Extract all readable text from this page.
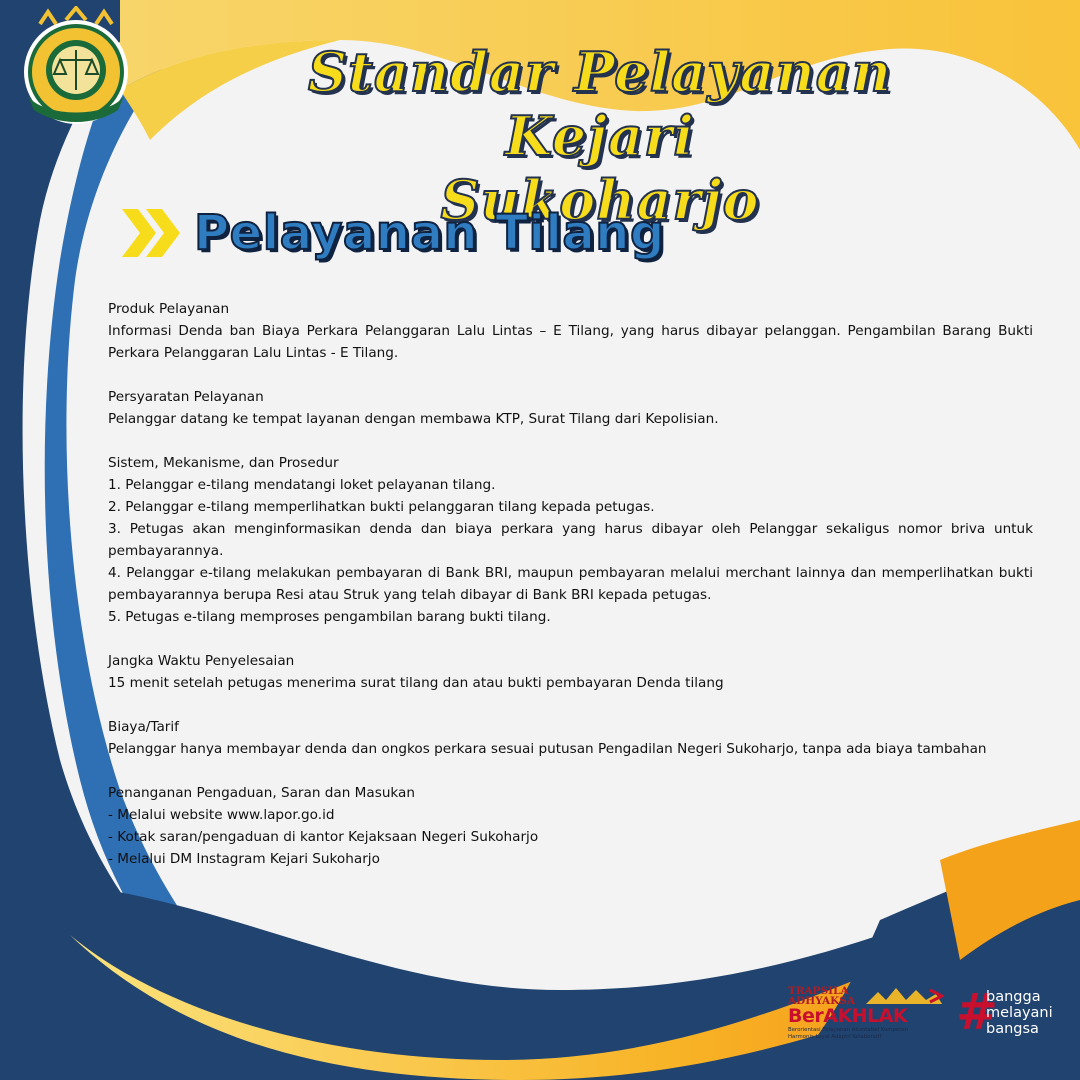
Standar Pelayanan Kejari
Sukoharjo
Pelayanan Tilang

Produk Pelayanan

Informasi Denda ban Biaya Perkara Pelanggaran Lalu Lintas – E Tilang, yang harus dibayar pelanggan. Pengambilan Barang Bukti Perkara Pelanggaran Lalu Lintas - E Tilang.

Persyaratan Pelayanan

Pelanggar datang ke tempat layanan dengan membawa KTP, Surat Tilang dari Kepolisian.

Sistem, Mekanisme, dan Prosedur

1. Pelanggar e-tilang mendatangi loket pelayanan tilang.

2. Pelanggar e-tilang memperlihatkan bukti pelanggaran tilang kepada petugas.

3. Petugas akan menginformasikan denda dan biaya perkara yang harus dibayar oleh Pelanggar sekaligus nomor briva untuk pembayarannya.

4. Pelanggar e-tilang melakukan pembayaran di Bank BRI, maupun pembayaran melalui merchant lainnya dan memperlihatkan bukti pembayarannya berupa Resi atau Struk yang telah dibayar di Bank BRI kepada petugas.

5. Petugas e-tilang memproses pengambilan barang bukti tilang.

Jangka Waktu Penyelesaian

15 menit setelah petugas menerima surat tilang dan atau bukti pembayaran Denda tilang

Biaya/Tarif

Pelanggar hanya membayar denda dan ongkos perkara sesuai putusan Pengadilan Negeri Sukoharjo, tanpa ada biaya tambahan

Penanganan Pengaduan, Saran dan Masukan

- Melalui website www.lapor.go.id

- Kotak saran/pengaduan di kantor Kejaksaan Negeri Sukoharjo

- Melalui DM Instagram Kejari Sukoharjo

TRAPSILA
ADHYAKSA
BerAKHLAK
Berorientasi Pelayanan Akuntabel Kompeten
Harmonis Loyal Adaptif Kolaboratif	#
bangga
melayani
bangsa
